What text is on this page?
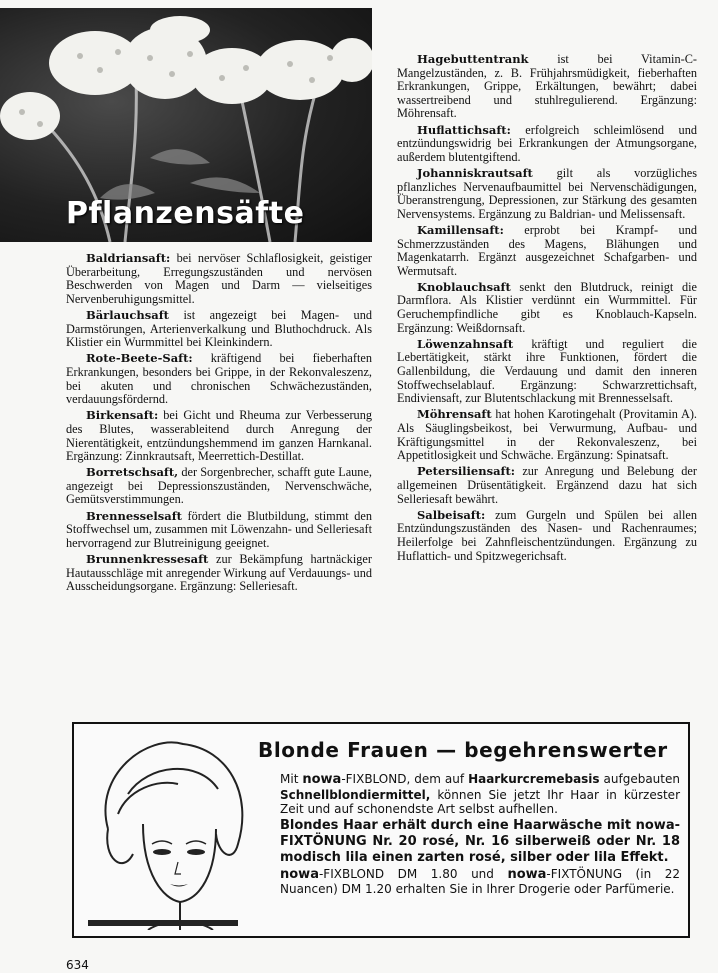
Pflanzensäfte

Baldriansaft: bei nervöser Schlaflosigkeit, geistiger Überarbeitung, Erregungszuständen und nervösen Beschwerden von Magen und Darm — vielseitiges Nervenberuhigungsmittel.

Bärlauchsaft ist angezeigt bei Magen- und Darmstörungen, Arterienverkalkung und Bluthochdruck. Als Klistier ein Wurmmittel bei Kleinkindern.

Rote-Beete-Saft: kräftigend bei fieberhaften Erkrankungen, besonders bei Grippe, in der Rekonvaleszenz, bei akuten und chronischen Schwächezuständen, verdauungsfördernd.

Birkensaft: bei Gicht und Rheuma zur Verbesserung des Blutes, wasserableitend durch Anregung der Nierentätigkeit, entzündungshemmend im ganzen Harnkanal. Ergänzung: Zinnkrautsaft, Meerrettich-Destillat.

Borretschsaft, der Sorgenbrecher, schafft gute Laune, angezeigt bei Depressionszuständen, Nervenschwäche, Gemütsverstimmungen.

Brennesselsaft fördert die Blutbildung, stimmt den Stoffwechsel um, zusammen mit Löwenzahn- und Selleriesaft hervorragend zur Blutreinigung geeignet.

Brunnenkressesaft zur Bekämpfung hartnäckiger Hautausschläge mit anregender Wirkung auf Verdauungs- und Ausscheidungsorgane. Ergänzung: Selleriesaft.

Hagebuttentrank ist bei Vitamin-C-Mangelzuständen, z. B. Frühjahrsmüdigkeit, fieberhaften Erkrankungen, Grippe, Erkältungen, bewährt; dabei wassertreibend und stuhlregulierend. Ergänzung: Möhrensaft.

Huflattichsaft: erfolgreich schleimlösend und entzündungswidrig bei Erkrankungen der Atmungsorgane, außerdem blutentgiftend.

Johanniskrautsaft gilt als vorzügliches pflanzliches Nervenaufbaumittel bei Nervenschädigungen, Überanstrengung, Depressionen, zur Stärkung des gesamten Nervensystems. Ergänzung zu Baldrian- und Melissensaft.

Kamillensaft: erprobt bei Krampf- und Schmerzzuständen des Magens, Blähungen und Magenkatarrh. Ergänzt ausgezeichnet Schafgarben- und Wermutsaft.

Knoblauchsaft senkt den Blutdruck, reinigt die Darmflora. Als Klistier verdünnt ein Wurmmittel. Für Geruchempfindliche gibt es Knoblauch-Kapseln. Ergänzung: Weißdornsaft.

Löwenzahnsaft kräftigt und reguliert die Lebertätigkeit, stärkt ihre Funktionen, fördert die Gallenbildung, die Verdauung und damit den inneren Stoffwechselablauf. Ergänzung: Schwarzrettichsaft, Endiviensaft, zur Blutentschlackung mit Brennesselsaft.

Möhrensaft hat hohen Karotingehalt (Provitamin A). Als Säuglingsbeikost, bei Verwurmung, Aufbau- und Kräftigungsmittel in der Rekonvaleszenz, bei Appetitlosigkeit und Schwäche. Ergänzung: Spinatsaft.

Petersiliensaft: zur Anregung und Belebung der allgemeinen Drüsentätigkeit. Ergänzend dazu hat sich Selleriesaft bewährt.

Salbeisaft: zum Gurgeln und Spülen bei allen Entzündungszuständen des Nasen- und Rachenraumes; Heilerfolge bei Zahnfleischentzündungen. Ergänzung zu Huflattich- und Spitzwegerichsaft.

Blonde Frauen — begehrenswerter

Mit nowa-FIXBLOND, dem auf Haarkurcremebasis aufgebauten Schnellblondiermittel, können Sie jetzt Ihr Haar in kürzester Zeit und auf schonendste Art selbst aufhellen.

Blondes Haar erhält durch eine Haarwäsche mit nowa-FIXTÖNUNG Nr. 20 rosé, Nr. 16 silberweiß oder Nr. 18 modisch lila einen zarten rosé, silber oder lila Effekt.

nowa-FIXBLOND DM 1.80 und nowa-FIXTÖNUNG (in 22 Nuancen) DM 1.20 erhalten Sie in Ihrer Drogerie oder Parfümerie.

634
